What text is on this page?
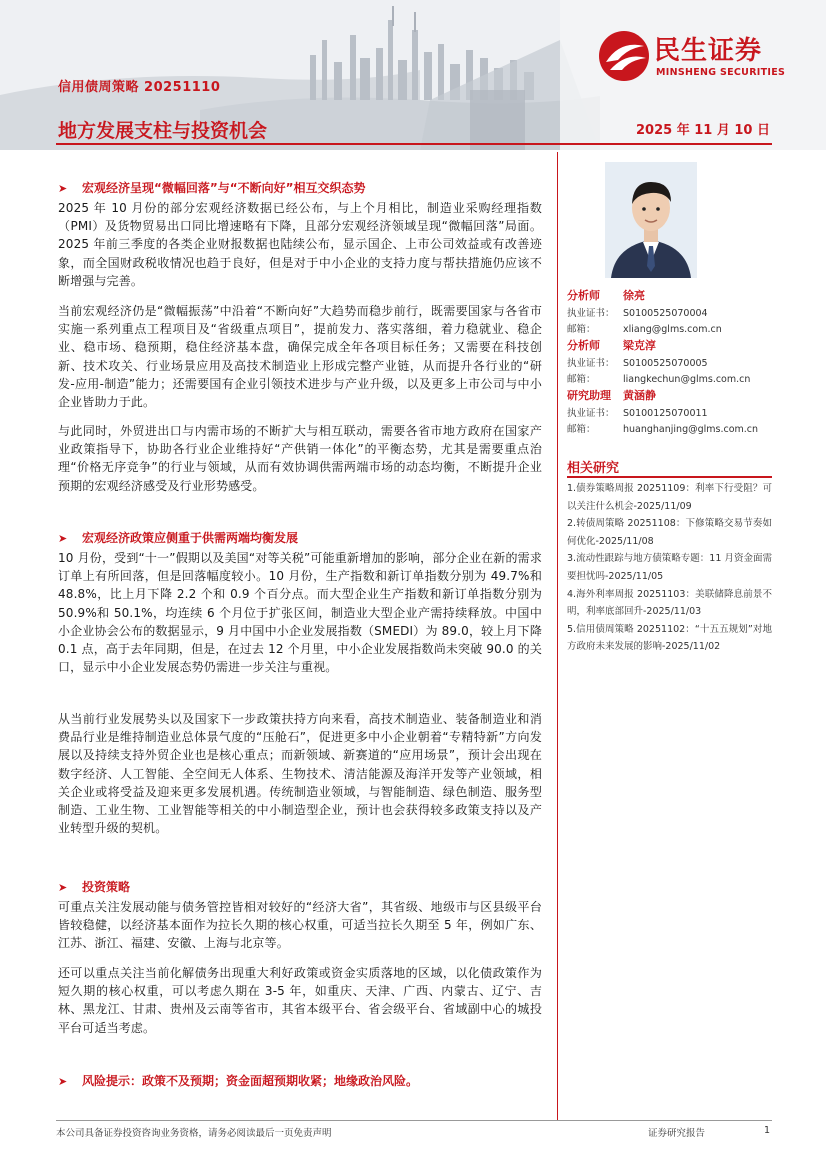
民生证券
MINSHENG SECURITIES
信用债周策略 20251110
地方发展支柱与投资机会	2025 年 11 月 10 日
➤ 宏观经济呈现“微幅回落”与“不断向好”相互交织态势
2025 年 10 月份的部分宏观经济数据已经公布，与上个月相比，制造业采购经理指数（PMI）及货物贸易出口同比增速略有下降，且部分宏观经济领域呈现“微幅回落”局面。2025 年前三季度的各类企业财报数据也陆续公布，显示国企、上市公司效益或有改善迹象，而全国财政税收情况也趋于良好，但是对于中小企业的支持力度与帮扶措施仍应该不断增强与完善。
当前宏观经济仍是“微幅振荡”中沿着“不断向好”大趋势而稳步前行，既需要国家与各省市实施一系列重点工程项目及“省级重点项目”，提前发力、落实落细，着力稳就业、稳企业、稳市场、稳预期，稳住经济基本盘，确保完成全年各项目标任务；又需要在科技创新、技术攻关、行业场景应用及高技术制造业上形成完整产业链，从而提升各行业的“研发-应用-制造”能力；还需要国有企业引领技术进步与产业升级，以及更多上市公司与中小企业皆助力于此。
与此同时，外贸进出口与内需市场的不断扩大与相互联动，需要各省市地方政府在国家产业政策指导下，协助各行业企业维持好“产供销一体化”的平衡态势，尤其是需要重点治理“价格无序竞争”的行业与领域，从而有效协调供需两端市场的动态均衡，不断提升企业预期的宏观经济感受及行业形势感受。
➤ 宏观经济政策应侧重于供需两端均衡发展
10 月份，受到“十一”假期以及美国“对等关税”可能重新增加的影响，部分企业在新的需求订单上有所回落，但是回落幅度较小。10 月份，生产指数和新订单指数分别为 49.7%和 48.8%，比上月下降 2.2 个和 0.9 个百分点。而大型企业生产指数和新订单指数分别为 50.9%和 50.1%，均连续 6 个月位于扩张区间，制造业大型企业产需持续释放。中国中小企业协会公布的数据显示，9 月中国中小企业发展指数（SMEDI）为 89.0，较上月下降 0.1 点，高于去年同期，但是，在过去 12 个月里，中小企业发展指数尚未突破 90.0 的关口，显示中小企业发展态势仍需进一步关注与重视。
从当前行业发展势头以及国家下一步政策扶持方向来看，高技术制造业、装备制造业和消费品行业是维持制造业总体景气度的“压舱石”，促进更多中小企业朝着“专精特新”方向发展以及持续支持外贸企业也是核心重点；而新领域、新赛道的“应用场景”，预计会出现在数字经济、人工智能、全空间无人体系、生物技术、清洁能源及海洋开发等产业领域，相关企业或将受益及迎来更多发展机遇。传统制造业领域，与智能制造、绿色制造、服务型制造、工业生物、工业智能等相关的中小制造型企业，预计也会获得较多政策支持以及产业转型升级的契机。
➤ 投资策略
可重点关注发展动能与债务管控皆相对较好的“经济大省”，其省级、地级市与区县级平台皆较稳健，以经济基本面作为拉长久期的核心权重，可适当拉长久期至 5 年，例如广东、江苏、浙江、福建、安徽、上海与北京等。
还可以重点关注当前化解债务出现重大利好政策或资金实质落地的区域，以化债政策作为短久期的核心权重，可以考虑久期在 3-5 年，如重庆、天津、广西、内蒙古、辽宁、吉林、黑龙江、甘肃、贵州及云南等省市，其省本级平台、省会级平台、省域副中心的城投平台可适当考虑。
➤ 风险提示：政策不及预期；资金面超预期收紧；地缘政治风险。
分析师 徐亮
执业证书： S0100525070004
邮箱：	xliang@glms.com.cn
分析师 梁克淳
执业证书： S0100525070005
邮箱：	liangkechun@glms.com.cn
研究助理 黄涵静
执业证书： S0100125070011
邮箱：	huanghanjing@glms.com.cn
相关研究
1.债券策略周报 20251109：利率下行受阻？可以关注什么机会-2025/11/09
2.转债周策略 20251108：下修策略交易节奏如何优化-2025/11/08
3.流动性跟踪与地方债策略专题：11 月资金面需要担忧吗-2025/11/05
4.海外利率周报 20251103：美联储降息前景不明，利率底部回升-2025/11/03
5.信用债周策略 20251102：“十五五规划”对地方政府未来发展的影响-2025/11/02
本公司具备证券投资咨询业务资格，请务必阅读最后一页免责声明	证券研究报告	1
